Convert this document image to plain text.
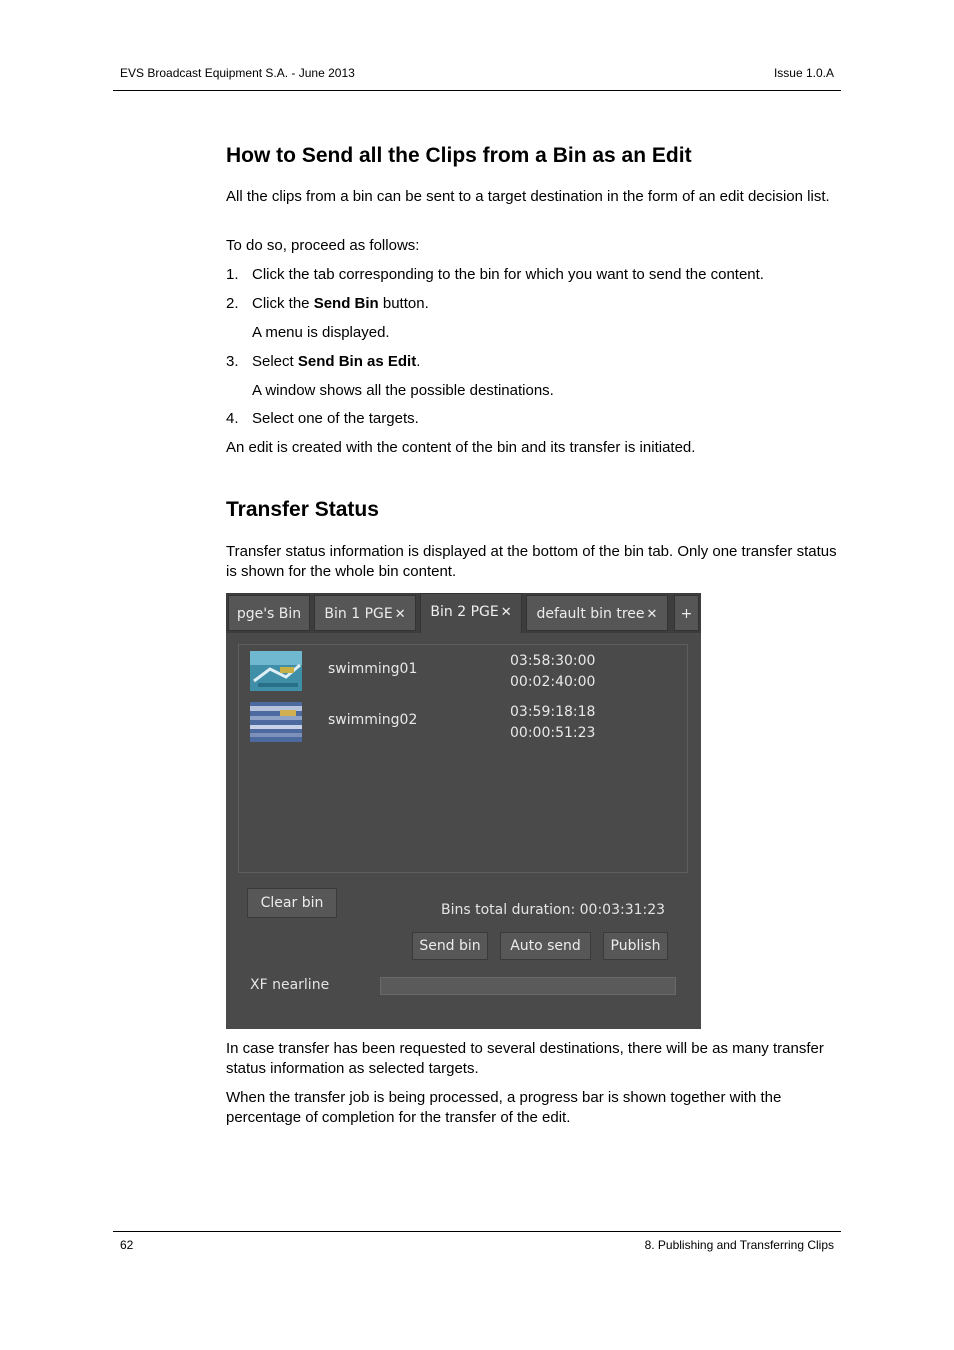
EVS Broadcast Equipment S.A. - June 2013	Issue 1.0.A
How to Send all the Clips from a Bin as an Edit
All the clips from a bin can be sent to a target destination in the form of an edit decision list.
To do so, proceed as follows:
1. Click the tab corresponding to the bin for which you want to send the content.
2. Click the Send Bin button.
A menu is displayed.
3. Select Send Bin as Edit.
A window shows all the possible destinations.
4. Select one of the targets.
An edit is created with the content of the bin and its transfer is initiated.
Transfer Status
Transfer status information is displayed at the bottom of the bin tab. Only one transfer status is shown for the whole bin content.
pge's Bin	Bin 1 PGE ✕	Bin 2 PGE ✕	default bin tree ✕	+
swimming01	03:58:30:00
00:02:40:00
swimming02	03:59:18:18
00:00:51:23
Clear bin	Bins total duration: 00:03:31:23
Send bin	Auto send	Publish
XF nearline
In case transfer has been requested to several destinations, there will be as many transfer status information as selected targets.
When the transfer job is being processed, a progress bar is shown together with the percentage of completion for the transfer of the edit.
62	8. Publishing and Transferring Clips
